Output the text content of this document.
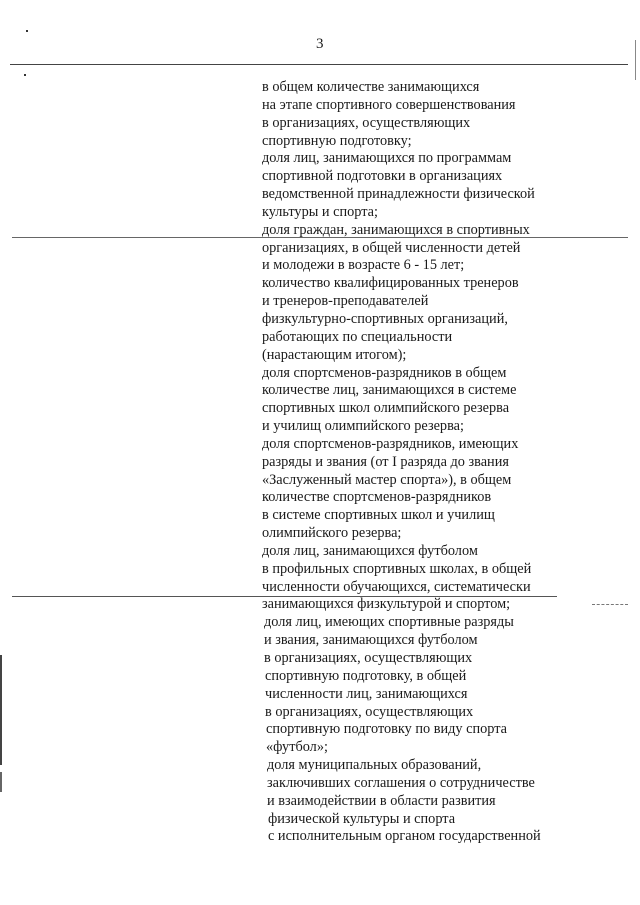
3
в общем количестве занимающихся
на этапе спортивного совершенствования
в организациях, осуществляющих
спортивную подготовку;
доля лиц, занимающихся по программам
спортивной подготовки в организациях
ведомственной принадлежности физической
культуры и спорта;
доля граждан, занимающихся в спортивных
организациях, в общей численности детей
и молодежи в возрасте 6 - 15 лет;
количество квалифицированных тренеров
и тренеров-преподавателей
физкультурно-спортивных организаций,
работающих по специальности
(нарастающим итогом);
доля спортсменов-разрядников в общем
количестве лиц, занимающихся в системе
спортивных школ олимпийского резерва
и училищ олимпийского резерва;
доля спортсменов-разрядников, имеющих
разряды и звания (от I разряда до звания
«Заслуженный мастер спорта»), в общем
количестве спортсменов-разрядников
в системе спортивных школ и училищ
олимпийского резерва;
доля лиц, занимающихся футболом
в профильных спортивных школах, в общей
численности обучающихся, систематически
занимающихся физкультурой и спортом;
доля лиц, имеющих спортивные разряды
и звания, занимающихся футболом
в организациях, осуществляющих
спортивную подготовку, в общей
численности лиц, занимающихся
в организациях, осуществляющих
спортивную подготовку по виду спорта
«футбол»;
доля муниципальных образований,
заключивших соглашения о сотрудничестве
и взаимодействии в области развития
физической культуры и спорта
с исполнительным органом государственной
